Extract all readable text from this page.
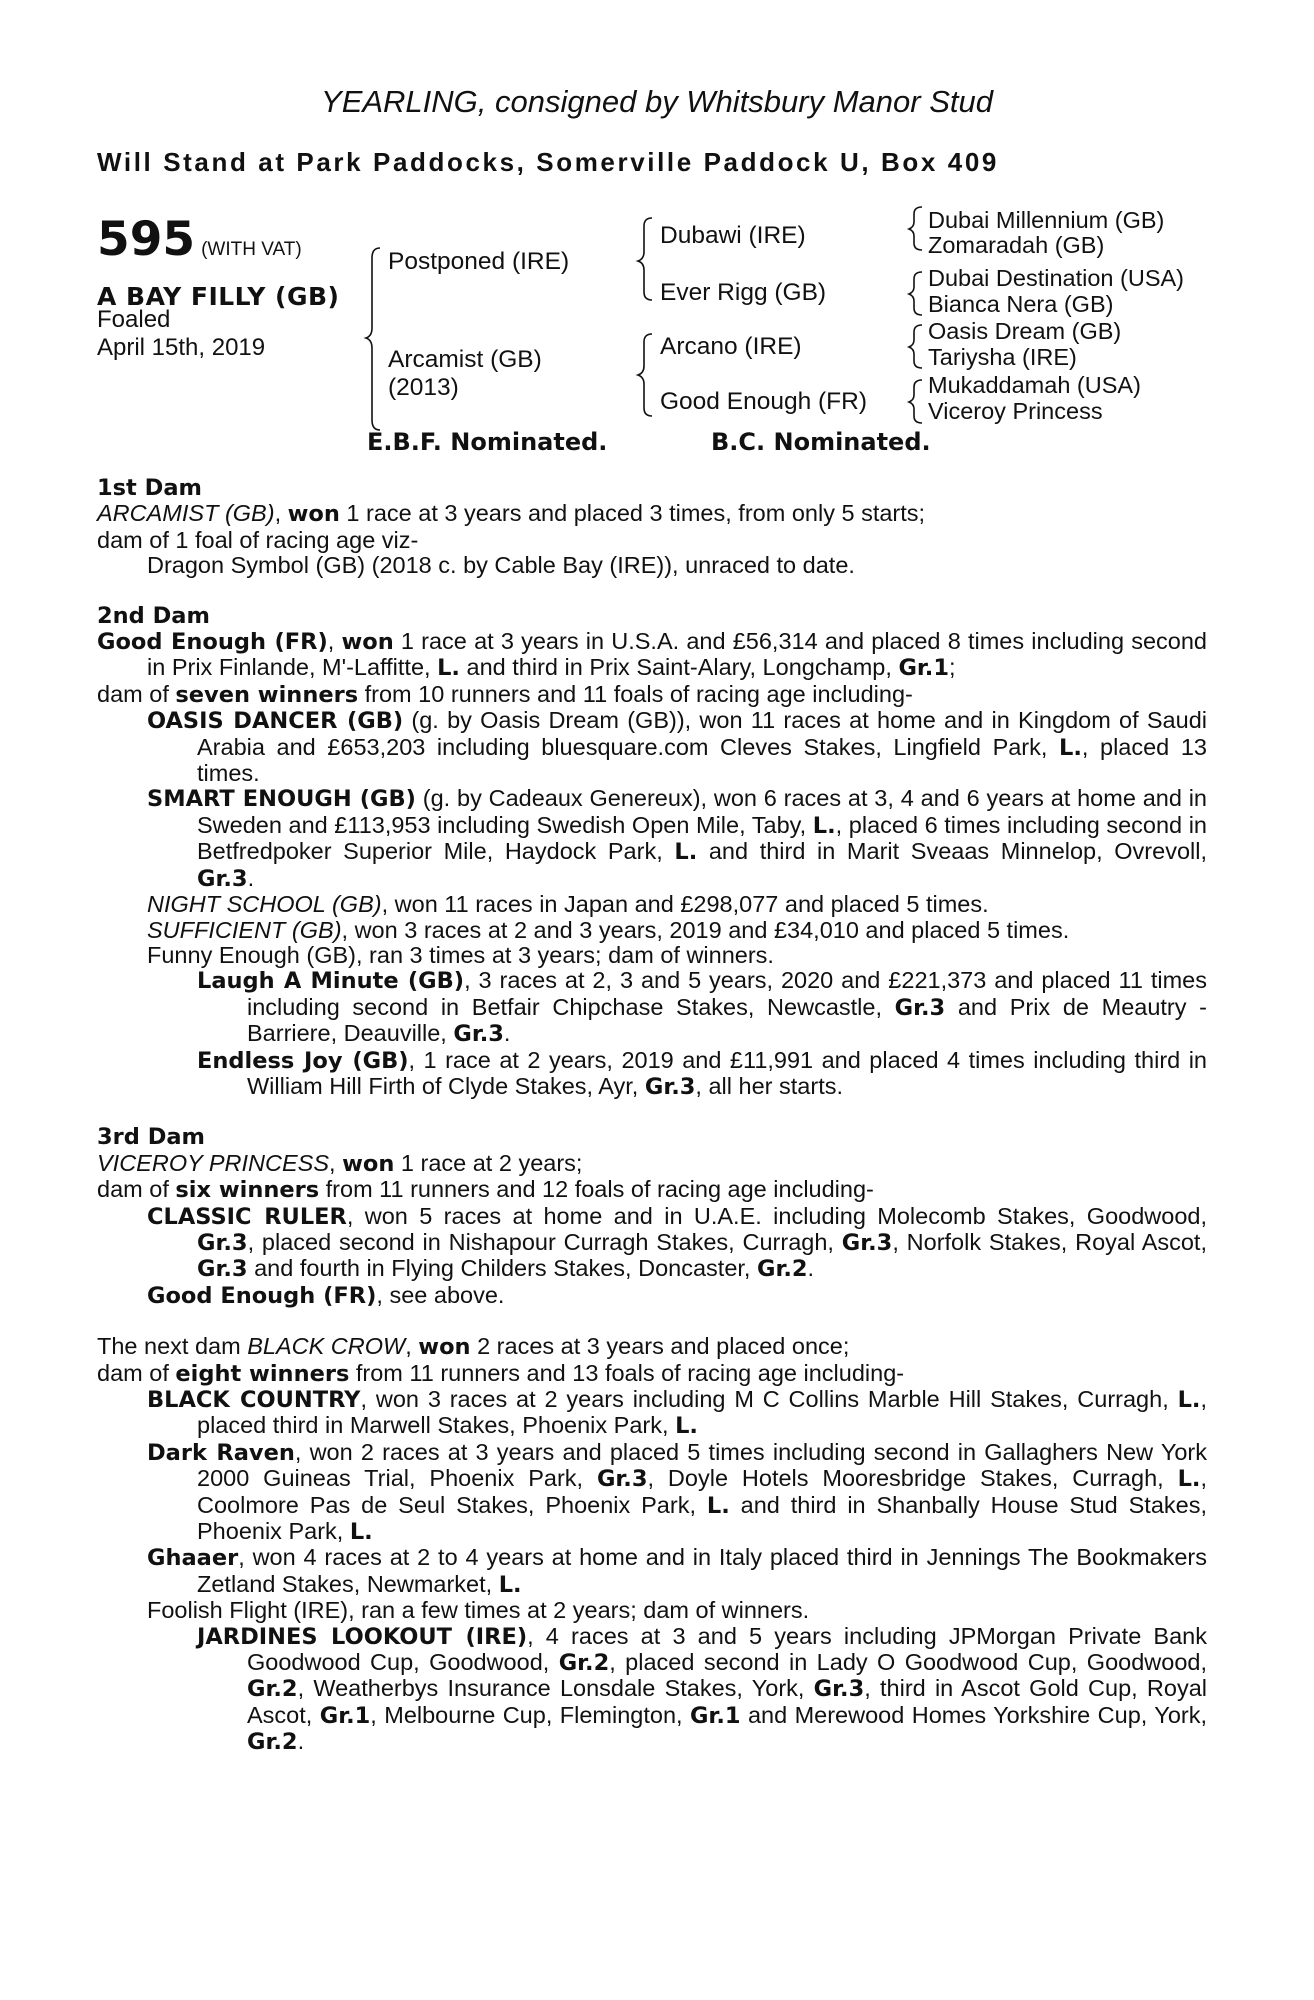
YEARLING, consigned by Whitsbury Manor Stud
Will Stand at Park Paddocks, Somerville Paddock U, Box 409
595 (WITH VAT)
A BAY FILLY (GB)
Foaled
April 15th, 2019
Postponed (IRE)
Arcamist (GB)
(2013)
Dubawi (IRE)
Ever Rigg (GB)
Arcano (IRE)
Good Enough (FR)
Dubai Millennium (GB)
Zomaradah (GB)
Dubai Destination (USA)
Bianca Nera (GB)
Oasis Dream (GB)
Tariysha (IRE)
Mukaddamah (USA)
Viceroy Princess
E.B.F. Nominated.	B.C. Nominated.

1st Dam

ARCAMIST (GB), won 1 race at 3 years and placed 3 times, from only 5 starts;

dam of 1 foal of racing age viz-

Dragon Symbol (GB) (2018 c. by Cable Bay (IRE)), unraced to date.

2nd Dam

Good Enough (FR), won 1 race at 3 years in U.S.A. and £56,314 and placed 8 times including second in Prix Finlande, M'-Laffitte, L. and third in Prix Saint-Alary, Longchamp, Gr.1;

dam of seven winners from 10 runners and 11 foals of racing age including-

OASIS DANCER (GB) (g. by Oasis Dream (GB)), won 11 races at home and in Kingdom of Saudi Arabia and £653,203 including bluesquare.com Cleves Stakes, Lingfield Park, L., placed 13 times.

SMART ENOUGH (GB) (g. by Cadeaux Genereux), won 6 races at 3, 4 and 6 years at home and in Sweden and £113,953 including Swedish Open Mile, Taby, L., placed 6 times including second in Betfredpoker Superior Mile, Haydock Park, L. and third in Marit Sveaas Minnelop, Ovrevoll, Gr.3.

NIGHT SCHOOL (GB), won 11 races in Japan and £298,077 and placed 5 times.

SUFFICIENT (GB), won 3 races at 2 and 3 years, 2019 and £34,010 and placed 5 times.

Funny Enough (GB), ran 3 times at 3 years; dam of winners.

Laugh A Minute (GB), 3 races at 2, 3 and 5 years, 2020 and £221,373 and placed 11 times including second in Betfair Chipchase Stakes, Newcastle, Gr.3 and Prix de Meautry - Barriere, Deauville, Gr.3.

Endless Joy (GB), 1 race at 2 years, 2019 and £11,991 and placed 4 times including third in William Hill Firth of Clyde Stakes, Ayr, Gr.3, all her starts.

3rd Dam

VICEROY PRINCESS, won 1 race at 2 years;

dam of six winners from 11 runners and 12 foals of racing age including-

CLASSIC RULER, won 5 races at home and in U.A.E. including Molecomb Stakes, Goodwood, Gr.3, placed second in Nishapour Curragh Stakes, Curragh, Gr.3, Norfolk Stakes, Royal Ascot, Gr.3 and fourth in Flying Childers Stakes, Doncaster, Gr.2.

Good Enough (FR), see above.

The next dam BLACK CROW, won 2 races at 3 years and placed once;

dam of eight winners from 11 runners and 13 foals of racing age including-

BLACK COUNTRY, won 3 races at 2 years including M C Collins Marble Hill Stakes, Curragh, L., placed third in Marwell Stakes, Phoenix Park, L.

Dark Raven, won 2 races at 3 years and placed 5 times including second in Gallaghers New York 2000 Guineas Trial, Phoenix Park, Gr.3, Doyle Hotels Mooresbridge Stakes, Curragh, L., Coolmore Pas de Seul Stakes, Phoenix Park, L. and third in Shanbally House Stud Stakes, Phoenix Park, L.

Ghaaer, won 4 races at 2 to 4 years at home and in Italy placed third in Jennings The Bookmakers Zetland Stakes, Newmarket, L.

Foolish Flight (IRE), ran a few times at 2 years; dam of winners.

JARDINES LOOKOUT (IRE), 4 races at 3 and 5 years including JPMorgan Private Bank Goodwood Cup, Goodwood, Gr.2, placed second in Lady O Goodwood Cup, Goodwood, Gr.2, Weatherbys Insurance Lonsdale Stakes, York, Gr.3, third in Ascot Gold Cup, Royal Ascot, Gr.1, Melbourne Cup, Flemington, Gr.1 and Merewood Homes Yorkshire Cup, York, Gr.2.
